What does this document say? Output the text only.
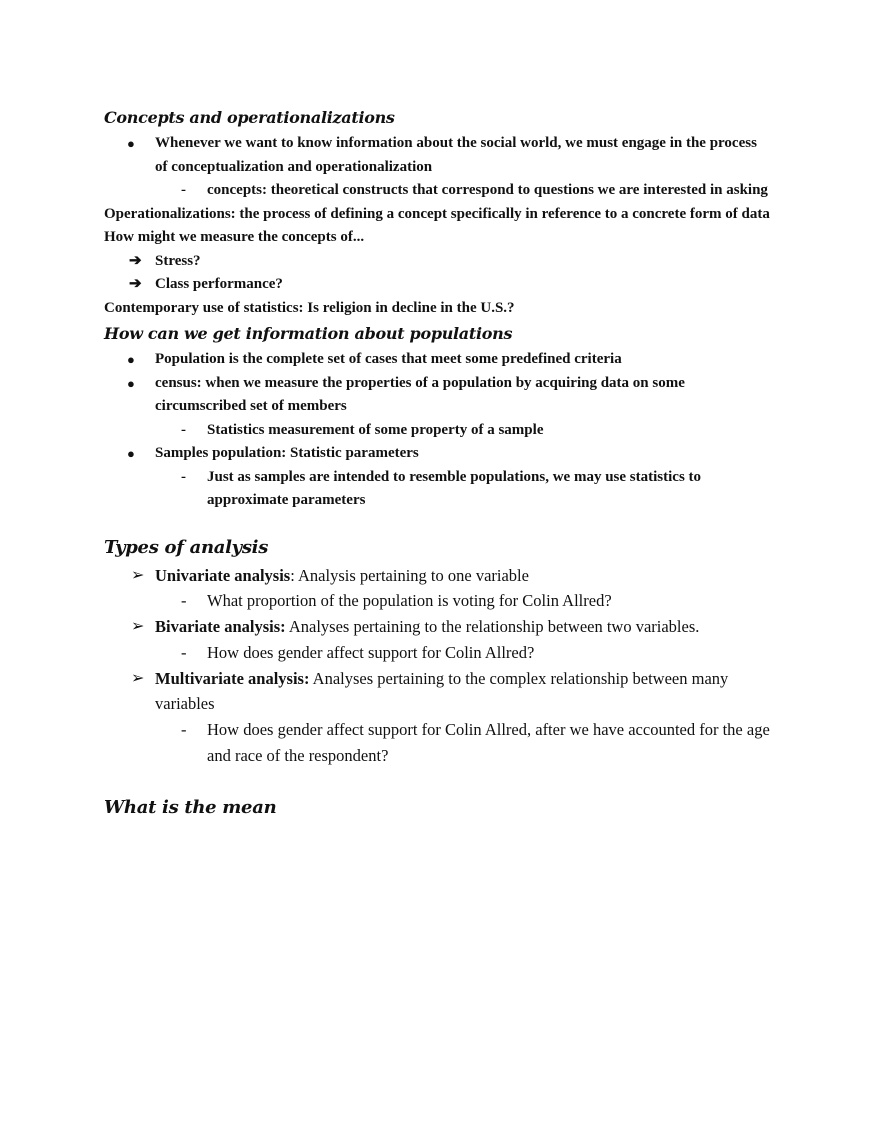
Concepts and operationalizations
● Whenever we want to know information about the social world, we must engage in the process
of conceptualization and operationalization
- concepts: theoretical constructs that correspond to questions we are interested in asking
Operationalizations: the process of defining a concept specifically in reference to a concrete form of data
How might we measure the concepts of...
➔ Stress?
➔ Class performance?
Contemporary use of statistics: Is religion in decline in the U.S.?
How can we get information about populations
● Population is the complete set of cases that meet some predefined criteria
● census: when we measure the properties of a population by acquiring data on some
circumscribed set of members
- Statistics measurement of some property of a sample
● Samples population: Statistic parameters
- Just as samples are intended to resemble populations, we may use statistics to
approximate parameters
Types of analysis
➢ Univariate analysis: Analysis pertaining to one variable
- What proportion of the population is voting for Colin Allred?
➢ Bivariate analysis: Analyses pertaining to the relationship between two variables.
- How does gender affect support for Colin Allred?
➢ Multivariate analysis: Analyses pertaining to the complex relationship between many
variables
- How does gender affect support for Colin Allred, after we have accounted for the age
and race of the respondent?
What is the mean
